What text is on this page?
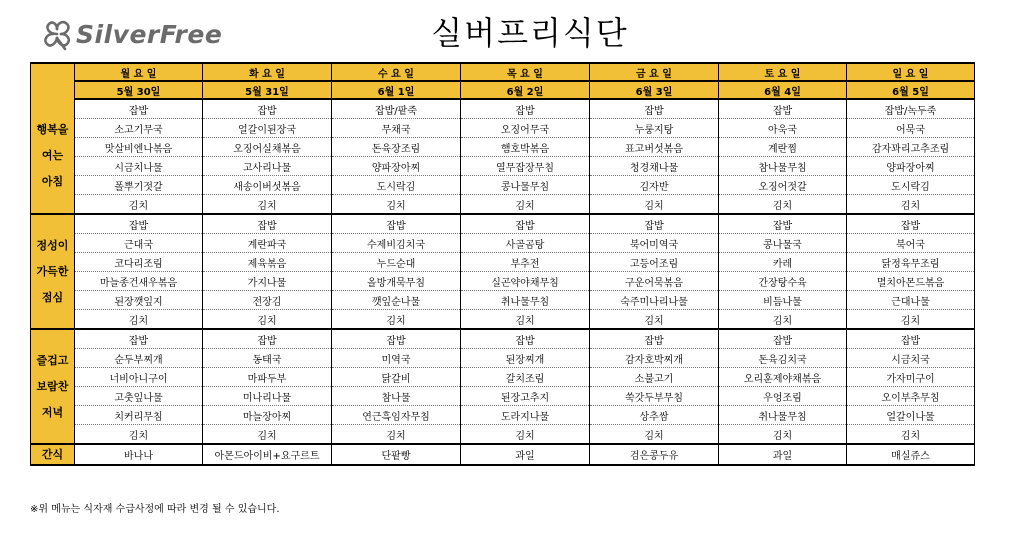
SilverFree	실버프리식단
	월 요 일	화 요 일	수 요 일	목 요 일	금 요 일	토 요 일	일 요 일
	5월 30일	5월 31일	6월 1일	6월 2일	6월 3일	6월 4일	6월 5일

행복을
여는
아침	잡밥	잡밥	잡밥/팥죽	잡밥	잡밥	잡밥	잡밥/녹두죽
	소고기무국	얼갈이된장국	무채국	오징어무국	누룽지탕	아욱국	어묵국
	맛살비엔나볶음	오징어실채볶음	돈육장조림	햄호박볶음	표고버섯볶음	계란찜	감자꽈리고추조림
	시금치나물	고사리나물	양파장아찌	열무잡장무침	청경채나물	참나물무침	양파장아찌
	폴뿌기젓갈	새송이버섯볶음	도시락김	콩나물무침	김자반	오징어젓갈	도시락김
	김치	김치	김치	김치	김치	김치	김치

정성이
가득한
점심	잡밥	잡밥	잡밥	잡밥	잡밥	잡밥	잡밥
	근대국	계란파국	수제비김치국	사골곰탕	북어미역국	콩나물국	북어국
	코다리조림	제육볶음	누드순대	부추전	고등어조림	카레	닭정육무조림
	마늘종건새우볶음	가지나물	올방개묵무침	실곤약야채무침	구운어묵볶음	간장탕수육	멸치아몬드볶음
	된장깻잎지	전장김	깻잎순나물	취나물무침	숙주미나리나물	비듬나물	근대나물
	김치	김치	김치	김치	김치	김치	김치

즐겁고
보람찬
저녁	잡밥	잡밥	잡밥	잡밥	잡밥	잡밥	잡밥
	순두부찌개	동태국	미역국	된장찌개	감자호박찌개	돈육김치국	시금치국
	너비아니구이	마파두부	닭갈비	갈치조림	소불고기	오리훈제야채볶음	가자미구이
	고춧잎나물	미나리나물	참나물	된장고추지	쑥갓두부무침	우엉조림	오이부추무침
	치커리무침	마늘장아찌	연근흑임자무침	도라지나물	상추쌈	취나물무침	얼갈이나물
	김치	김치	김치	김치	김치	김치	김치
간식	바나나	아몬드아이비+요구르트	단팥빵	과일	검은콩두유	과일	매실쥬스
※위 메뉴는 식자재 수급사정에 따라 변경 될 수 있습니다.
